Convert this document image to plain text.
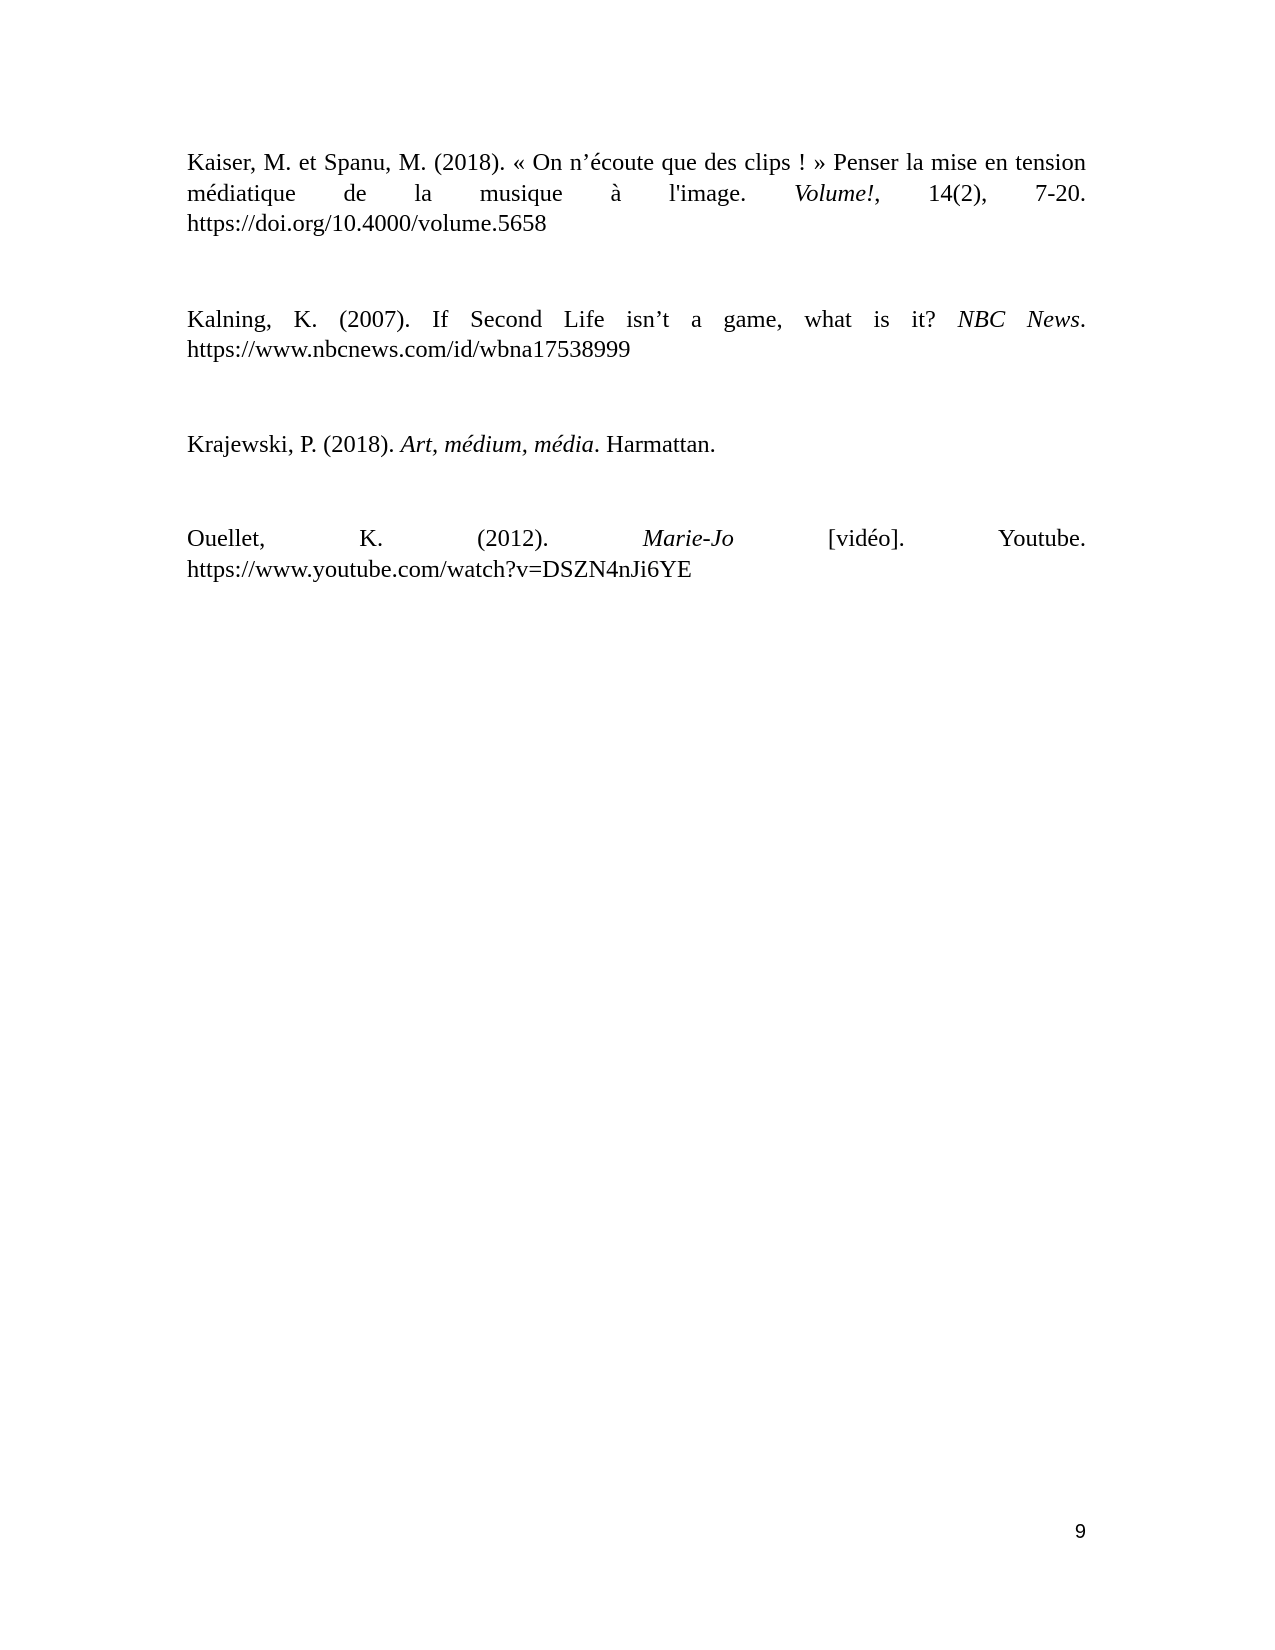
Kaiser, M. et Spanu, M. (2018). « On n’écoute que des clips ! » Penser la mise en tension
médiatique de la musique à l'image. Volume!, 14(2), 7-20.
https://doi.org/10.4000/volume.5658
Kalning, K. (2007). If Second Life isn’t a game, what is it? NBC News.
https://www.nbcnews.com/id/wbna17538999
Krajewski, P. (2018). Art, médium, média. Harmattan.
Ouellet, K. (2012).	Marie-Jo	[vidéo]. Youtube.
https://www.youtube.com/watch?v=DSZN4nJi6YE
9
